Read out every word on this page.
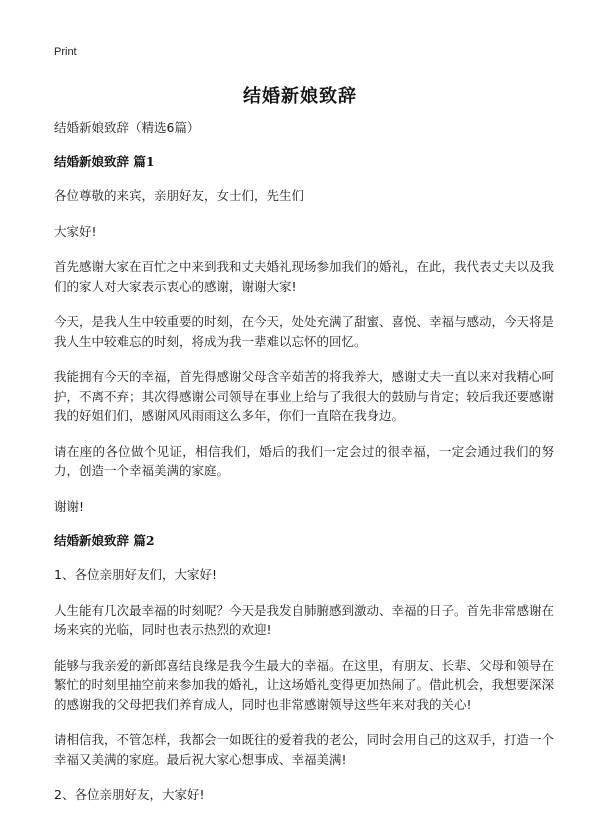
Print

结婚新娘致辞

结婚新娘致辞（精选6篇）

结婚新娘致辞 篇1

各位尊敬的来宾，亲朋好友，女士们，先生们

大家好!

首先感谢大家在百忙之中来到我和丈夫婚礼现场参加我们的婚礼，在此，我代表丈夫以及我们的家人对大家表示衷心的感谢，谢谢大家!

今天，是我人生中较重要的时刻，在今天，处处充满了甜蜜、喜悦、幸福与感动，今天将是我人生中较难忘的时刻，将成为我一辈难以忘怀的回忆。

我能拥有今天的幸福，首先得感谢父母含辛茹苦的将我养大，感谢丈夫一直以来对我精心呵护，不离不弃；其次得感谢公司领导在事业上给与了我很大的鼓励与肯定；较后我还要感谢我的好姐们们，感谢风风雨雨这么多年，你们一直陪在我身边。

请在座的各位做个见证，相信我们，婚后的我们一定会过的很幸福，一定会通过我们的努力，创造一个幸福美满的家庭。

谢谢!

结婚新娘致辞 篇2

1、各位亲朋好友们，大家好!

人生能有几次最幸福的时刻呢？今天是我发自肺腑感到激动、幸福的日子。首先非常感谢在场来宾的光临，同时也表示热烈的欢迎!

能够与我亲爱的新郎喜结良缘是我今生最大的幸福。在这里，有朋友、长辈、父母和领导在繁忙的时刻里抽空前来参加我的婚礼，让这场婚礼变得更加热闹了。借此机会，我想要深深的感谢我的父母把我们养育成人，同时也非常感谢领导这些年来对我的关心!

请相信我，不管怎样，我都会一如既往的爱着我的老公，同时会用自己的这双手，打造一个幸福又美满的家庭。最后祝大家心想事成、幸福美满!

2、各位亲朋好友，大家好!
